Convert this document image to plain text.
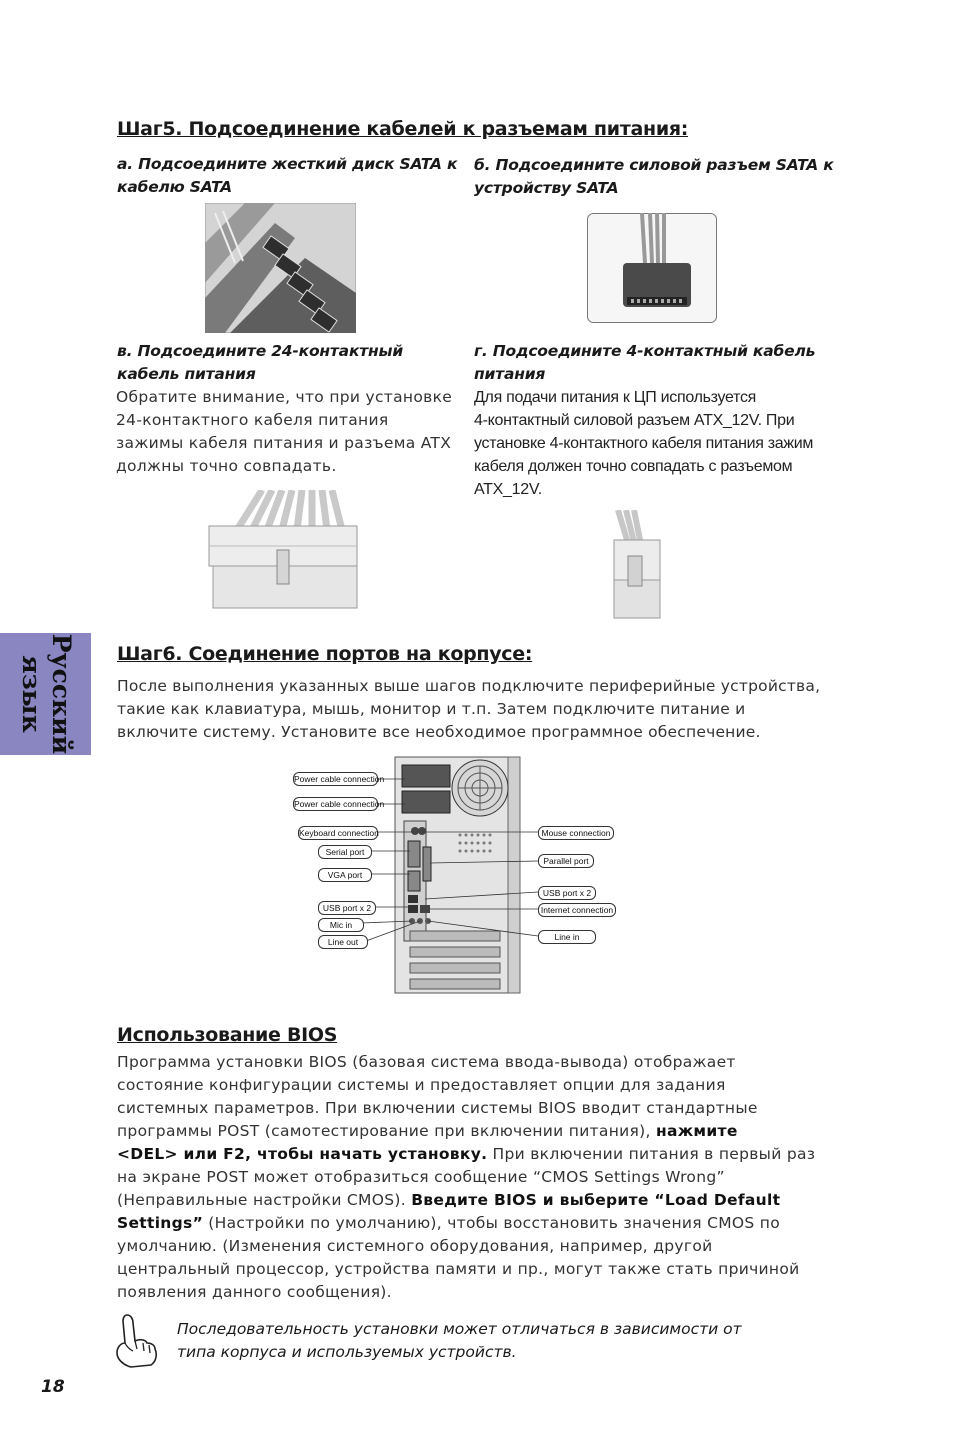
Шаг5. Подсоединение кабелей к разъемам питания:
а. Подсоедините жесткий диск SATA к
кабелю SATA
б. Подсоедините силовой разъем SATA к
устройству SATA
в. Подсоедините 24-контактный
кабель питания
Обратите внимание, что при установке
24-контактного кабеля питания
зажимы кабеля питания и разъема ATX
должны точно совпадать.
г. Подсоедините 4-контактный кабель
питания
Для подачи питания к ЦП используется
4-контактный силовой разъем ATX_12V. При
установке 4-контактного кабеля питания зажим
кабеля должен точно совпадать с разъемом
ATX_12V.
Русский
язык
Шаг6. Соединение портов на корпусе:
После выполнения указанных выше шагов подключите периферийные устройства,
такие как клавиатура, мышь, монитор и т.п. Затем подключите питание и
включите систему. Установите все необходимое программное обеспечение.
Power cable connection
Power cable connection
Keyboard connection
Serial port
VGA port
USB port x 2
Mic in
Line out
Mouse connection
Parallel port
USB port x 2
Internet connection
Line in
Использование BIOS
Программа установки BIOS (базовая система ввода-вывода) отображает
состояние конфигурации системы и предоставляет опции для задания
системных параметров. При включении системы BIOS вводит стандартные
программы POST (самотестирование при включении питания), нажмите
<DEL> или F2, чтобы начать установку. При включении питания в первый раз
на экране POST может отобразиться сообщение “CMOS Settings Wrong”
(Неправильные настройки CMOS). Введите BIOS и выберите “Load Default
Settings” (Настройки по умолчанию), чтобы восстановить значения CMOS по
умолчанию. (Изменения системного оборудования, например, другой
центральный процессор, устройства памяти и пр., могут также стать причиной
появления данного сообщения).
Последовательность установки может отличаться в зависимости от
типа корпуса и используемых устройств.
18
